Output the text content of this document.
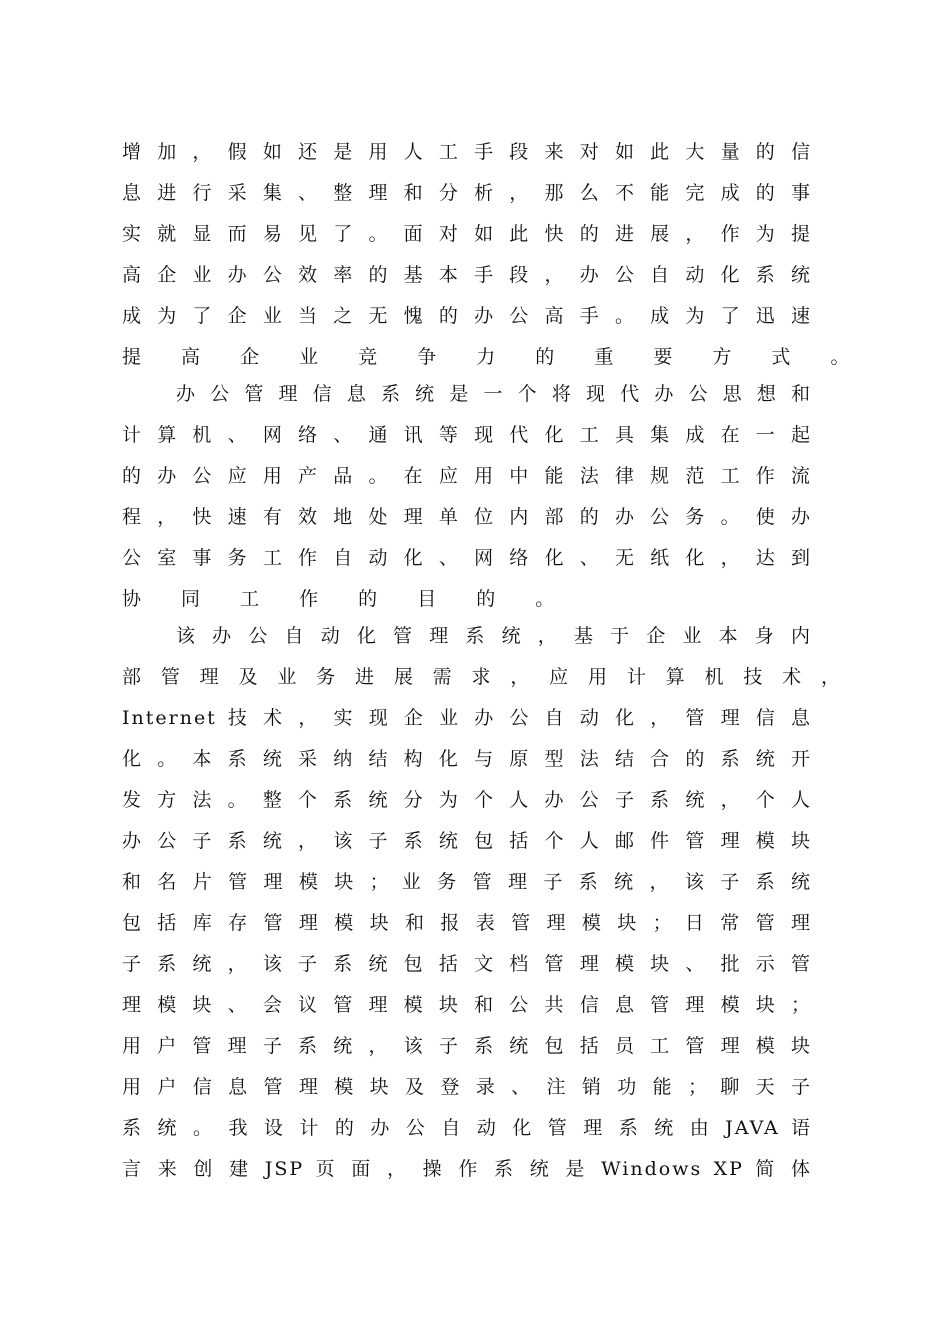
增 加 ， 假 如 还 是 用 人 工 手 段 来 对 如 此 大 量 的 信
息 进 行 采 集 、 整 理 和 分 析 ， 那 么 不 能 完 成 的 事
实 就 显 而 易 见 了 。 面 对 如 此 快 的 进 展 ， 作 为 提
高 企 业 办 公 效 率 的 基 本 手 段 ， 办 公 自 动 化 系 统
成 为 了 企 业 当 之 无 愧 的 办 公 高 手 。 成 为 了 迅 速
提 高 企 业 竞 争 力 的 重 要 方 式 。
办 公 管 理 信 息 系 统 是 一 个 将 现 代 办 公 思 想 和
计 算 机 、 网 络 、 通 讯 等 现 代 化 工 具 集 成 在 一 起
的 办 公 应 用 产 品 。 在 应 用 中 能 法 律 规 范 工 作 流
程 ， 快 速 有 效 地 处 理 单 位 内 部 的 办 公 务 。 使 办
公 室 事 务 工 作 自 动 化 、 网 络 化 、 无 纸 化 ， 达 到
协 同 工 作 的 目 的 。
该 办 公 自 动 化 管 理 系 统 ， 基 于 企 业 本 身 内
部 管 理 及 业 务 进 展 需 求 ， 应 用 计 算 机 技 术 ，
Internet 技 术 ， 实 现 企 业 办 公 自 动 化 ， 管 理 信 息
化 。 本 系 统 采 纳 结 构 化 与 原 型 法 结 合 的 系 统 开
发 方 法 。 整 个 系 统 分 为 个 人 办 公 子 系 统 ， 个 人
办 公 子 系 统 ， 该 子 系 统 包 括 个 人 邮 件 管 理 模 块
和 名 片 管 理 模 块 ； 业 务 管 理 子 系 统 ， 该 子 系 统
包 括 库 存 管 理 模 块 和 报 表 管 理 模 块 ； 日 常 管 理
子 系 统 ， 该 子 系 统 包 括 文 档 管 理 模 块 、 批 示 管
理 模 块 、 会 议 管 理 模 块 和 公 共 信 息 管 理 模 块 ；
用 户 管 理 子 系 统 ， 该 子 系 统 包 括 员 工 管 理 模 块
用 户 信 息 管 理 模 块 及 登 录 、 注 销 功 能 ； 聊 天 子
系 统 。 我 设 计 的 办 公 自 动 化 管 理 系 统 由 JAVA 语
言 来 创 建 JSP 页 面 ， 操 作 系 统 是 Windows XP 简 体
